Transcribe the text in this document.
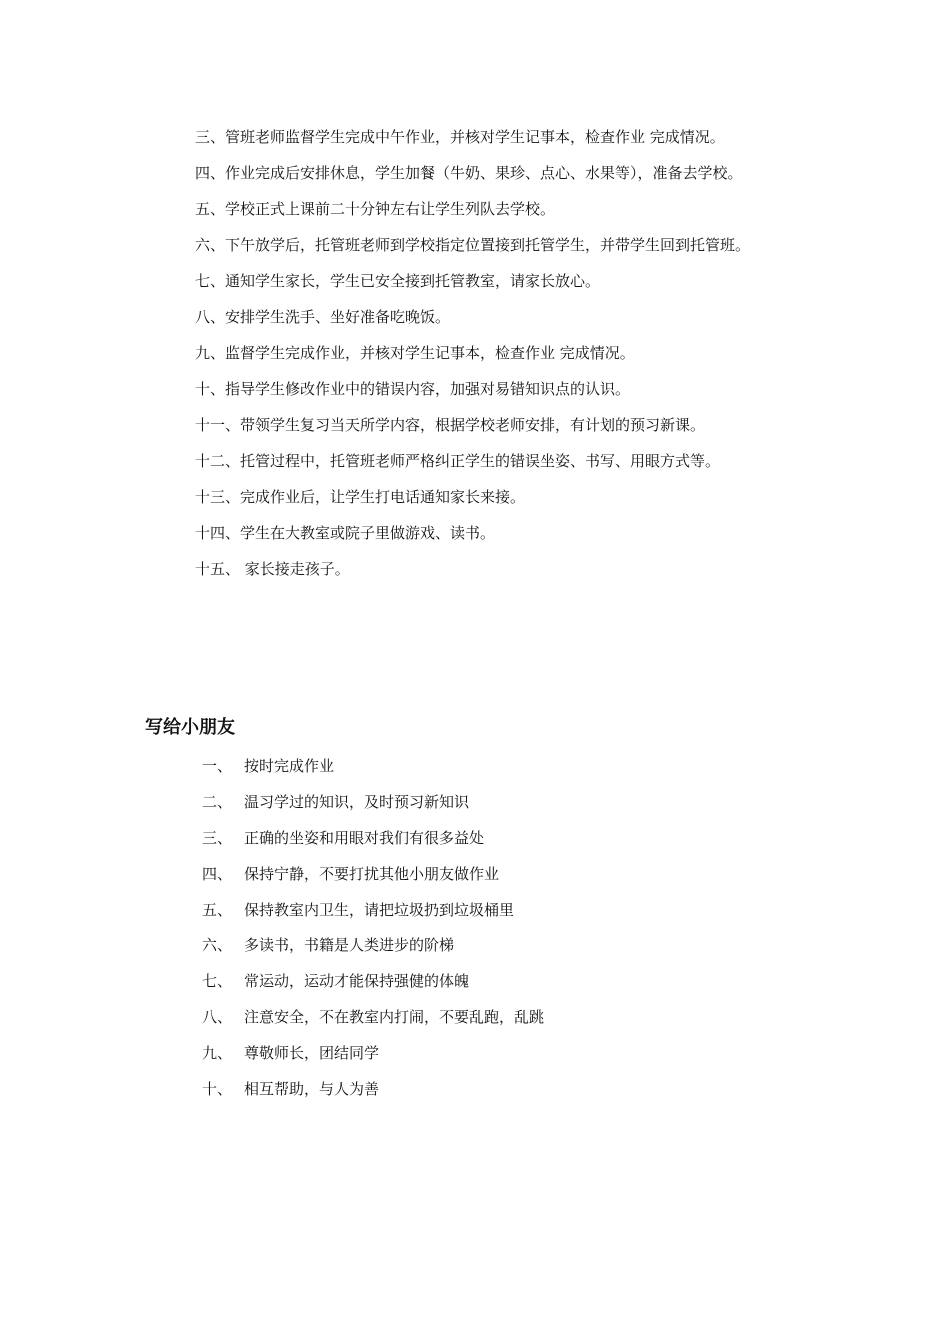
三、管班老师监督学生完成中午作业，并核对学生记事本，检查作业 完成情况。
四、作业完成后安排休息，学生加餐（牛奶、果珍、点心、水果等），准备去学校。
五、学校正式上课前二十分钟左右让学生列队去学校。
六、下午放学后，托管班老师到学校指定位置接到托管学生，并带学生回到托管班。
七、通知学生家长，学生已安全接到托管教室，请家长放心。
八、安排学生洗手、坐好准备吃晚饭。
九、监督学生完成作业，并核对学生记事本，检查作业 完成情况。
十、指导学生修改作业中的错误内容，加强对易错知识点的认识。
十一、带领学生复习当天所学内容，根据学校老师安排，有计划的预习新课。
十二、托管过程中，托管班老师严格纠正学生的错误坐姿、书写、用眼方式等。
十三、完成作业后，让学生打电话通知家长来接。
十四、学生在大教室或院子里做游戏、读书。
十五、 家长接走孩子。
写给小朋友
一、 按时完成作业
二、 温习学过的知识，及时预习新知识
三、 正确的坐姿和用眼对我们有很多益处
四、 保持宁静，不要打扰其他小朋友做作业
五、 保持教室内卫生，请把垃圾扔到垃圾桶里
六、 多读书，书籍是人类进步的阶梯
七、 常运动，运动才能保持强健的体魄
八、 注意安全，不在教室内打闹，不要乱跑，乱跳
九、 尊敬师长，团结同学
十、 相互帮助，与人为善
